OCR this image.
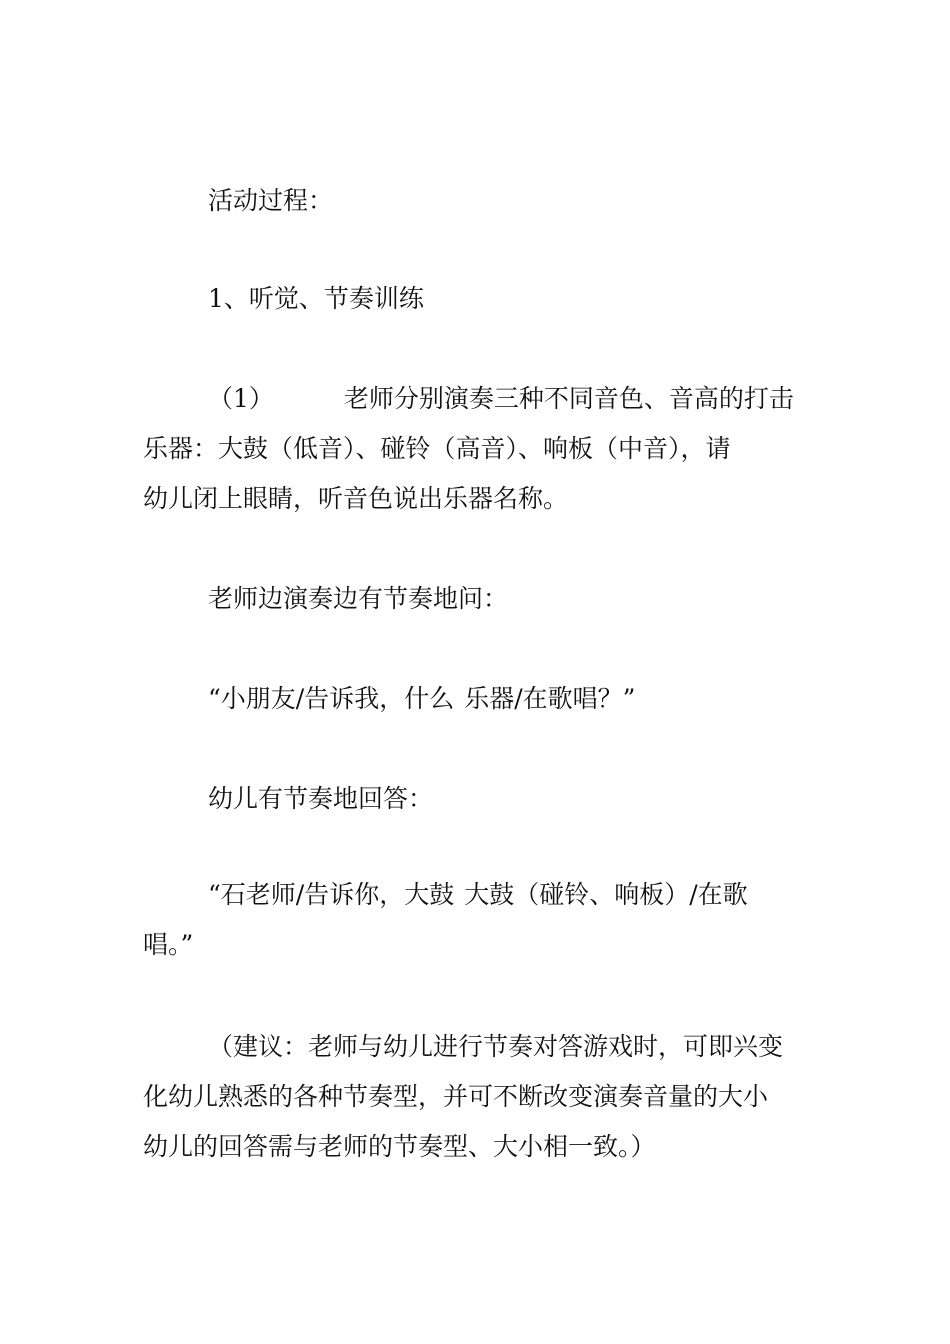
活动过程：
1、听觉、节奏训练
（1）	老师分别演奏三种不同音色、音高的打击
乐器：大鼓（低音）、碰铃（高音）、响板（中音），请
幼儿闭上眼睛，听音色说出乐器名称。
老师边演奏边有节奏地问：
“小朋友/告诉我，什么 乐器/在歌唱？”
幼儿有节奏地回答：
“石老师/告诉你，大鼓 大鼓（碰铃、响板）/在歌
唱。”
（建议：老师与幼儿进行节奏对答游戏时，可即兴变
化幼儿熟悉的各种节奏型，并可不断改变演奏音量的大小
幼儿的回答需与老师的节奏型、大小相一致。）
